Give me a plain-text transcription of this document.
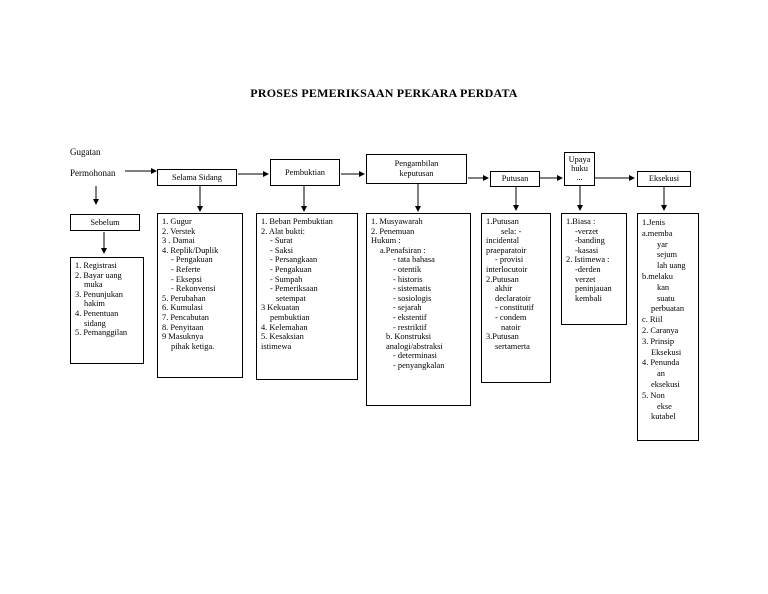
PROSES PEMERIKSAAN PERKARA PERDATA
Gugatan
Permohonan
Sebelum
1. Registrasi
2. Bayar uang
muka
3. Penunjukan
hakim
4. Penentuan
sidang
5. Pemanggilan
Selama Sidang
1. Gugur
2. Verstek
3 . Damai
4. Replik/Duplik
- Pengakuan
- Referte
- Eksepsi
- Rekonvensi
5. Perubahan
6. Kumulasi
7. Pencabutan
8. Penyitaan
9 Masuknya
pihak ketiga.
Pembuktian
1. Beban Pembuktian
2. Alat bukti:
- Surat
- Saksi
- Persangkaan
- Pengakuan
- Sumpah
- Pemeriksaan
setempat
3 Kekuatan
pembuktian
4. Kelemahan
5. Kesaksian
istimewa
Pengambilan
keputusan
1. Musyawarah
2. Penemuan
Hukum :
a.Penafsiran :
- tata bahasa
- otentik
- historis
- sistematis
- sosiologis
- sejarah
- ekstentif
- restriktif
b. Konstruksi
analogi/abstraksi
- determinasi
- penyangkalan
Putusan
1.Putusan
sela: -
incidental
praeparatoir
- provisi
interlocutoir
2.Putusan
akhir
declaratoir
- constitutif
- condem
natoir
3.Putusan
sertamerta
Upaya
huku
...
1.Biasa :
-verzet
-banding
-kasasi
2. Istimewa :
-derden
verzet
peninjauan
kembali
Eksekusi
1.Jenis
a.memba
yar
sejum
lah uang
b.melaku
kan
suatu
perbuatan
c. Riil
2. Caranya
3. Prinsip
Eksekusi
4. Penunda
an
eksekusi
5. Non
ekse
kutabel
